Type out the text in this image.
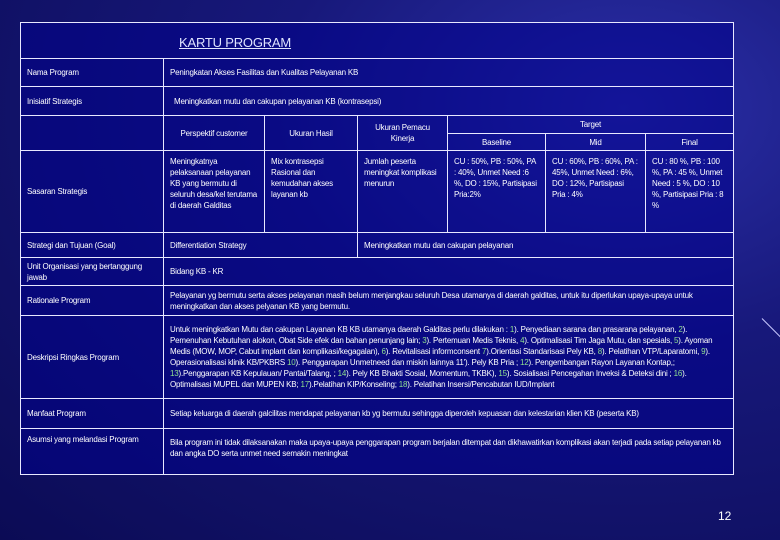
KARTU PROGRAM						
Nama Program	Peningkatan Akses Fasilitas dan Kualitas Pelayanan KB					
Inisiatif Strategis	Meningkatkan mutu dan cakupan pelayanan KB (kontrasepsi)					
	Perspektif customer	Ukuran Hasil	Ukuran Pemacu Kinerja	Target		
				Baseline	Mid	Final
Sasaran Strategis	Meningkatnya pelaksanaan pelayanan KB yang bermutu di seluruh desa/kel terutama di daerah Galditas	Mix kontrasepsi Rasional dan kemudahan akses layanan kb	Jumlah peserta meningkat komplikasi menurun	CU : 50%, PB : 50%, PA : 40%, Unmet Need :6 %, DO : 15%, Partisipasi Pria:2%	CU : 60%, PB : 60%, PA : 45%, Unmet Need : 6%, DO : 12%, Partisipasi Pria : 4%	CU : 80 %, PB : 100 %, PA : 45 %, Unmet Need : 5 %, DO : 10 %, Partisipasi Pria : 8 %
Strategi dan Tujuan (Goal)	Differentiation Strategy		Meningkatkan mutu dan cakupan pelayanan			
Unit Organisasi yang bertanggung jawab	Bidang KB - KR					
Rationale Program	Pelayanan yg bermutu serta akses pelayanan masih belum menjangkau seluruh Desa utamanya di daerah galditas, untuk itu diperlukan upaya-upaya untuk meningkatkan dan akses pelyanan KB yang bermutu.					
Deskripsi Ringkas Program	Untuk meningkatkan Mutu dan cakupan Layanan KB KB utamanya daerah Galditas perlu dilakukan : 1). Penyediaan sarana dan prasarana pelayanan, 2). Pemenuhan Kebutuhan alokon, Obat Side efek dan bahan penunjang lain; 3). Pertemuan Medis Teknis, 4). Optimalisasi Tim Jaga Mutu, dan spesials, 5). Ayoman Medis (MOW, MOP, Cabut implant dan komplikasi/kegagalan), 6). Revitalisasi informconsent 7).Orientasi Standarisasi Pely KB, 8). Pelatihan VTP/Laparatomi, 9). Operasionalisasi klinik KB/PKBRS 10). Penggarapan Unmetneed dan miskin lainnya 11'). Pely KB Pria ; 12). Pengembangan Rayon Layanan Kontap,; 13).Penggarapan KB Kepulauan/ Pantai/Talang, ; 14). Pely KB Bhakti Sosial, Momentum, TKBK), 15). Sosialisasi Pencegahan Inveksi & Deteksi dini ; 16). Optimalisasi MUPEL dan MUPEN KB; 17).Pelatihan KIP/Konseling; 18). Pelatihan Insersi/Pencabutan IUD/Implant					
Manfaat Program	Setiap keluarga di daerah galcilitas mendapat pelayanan kb yg bermutu sehingga diperoleh kepuasan dan kelestarian klien KB (peserta KB)					
Asumsi yang melandasi Program	Bila program ini tidak dilaksanakan maka upaya-upaya penggarapan program berjalan ditempat dan dikhawatirkan komplikasi akan terjadi pada setiap pelayanan kb dan angka DO serta unmet need semakin meningkat					
12
